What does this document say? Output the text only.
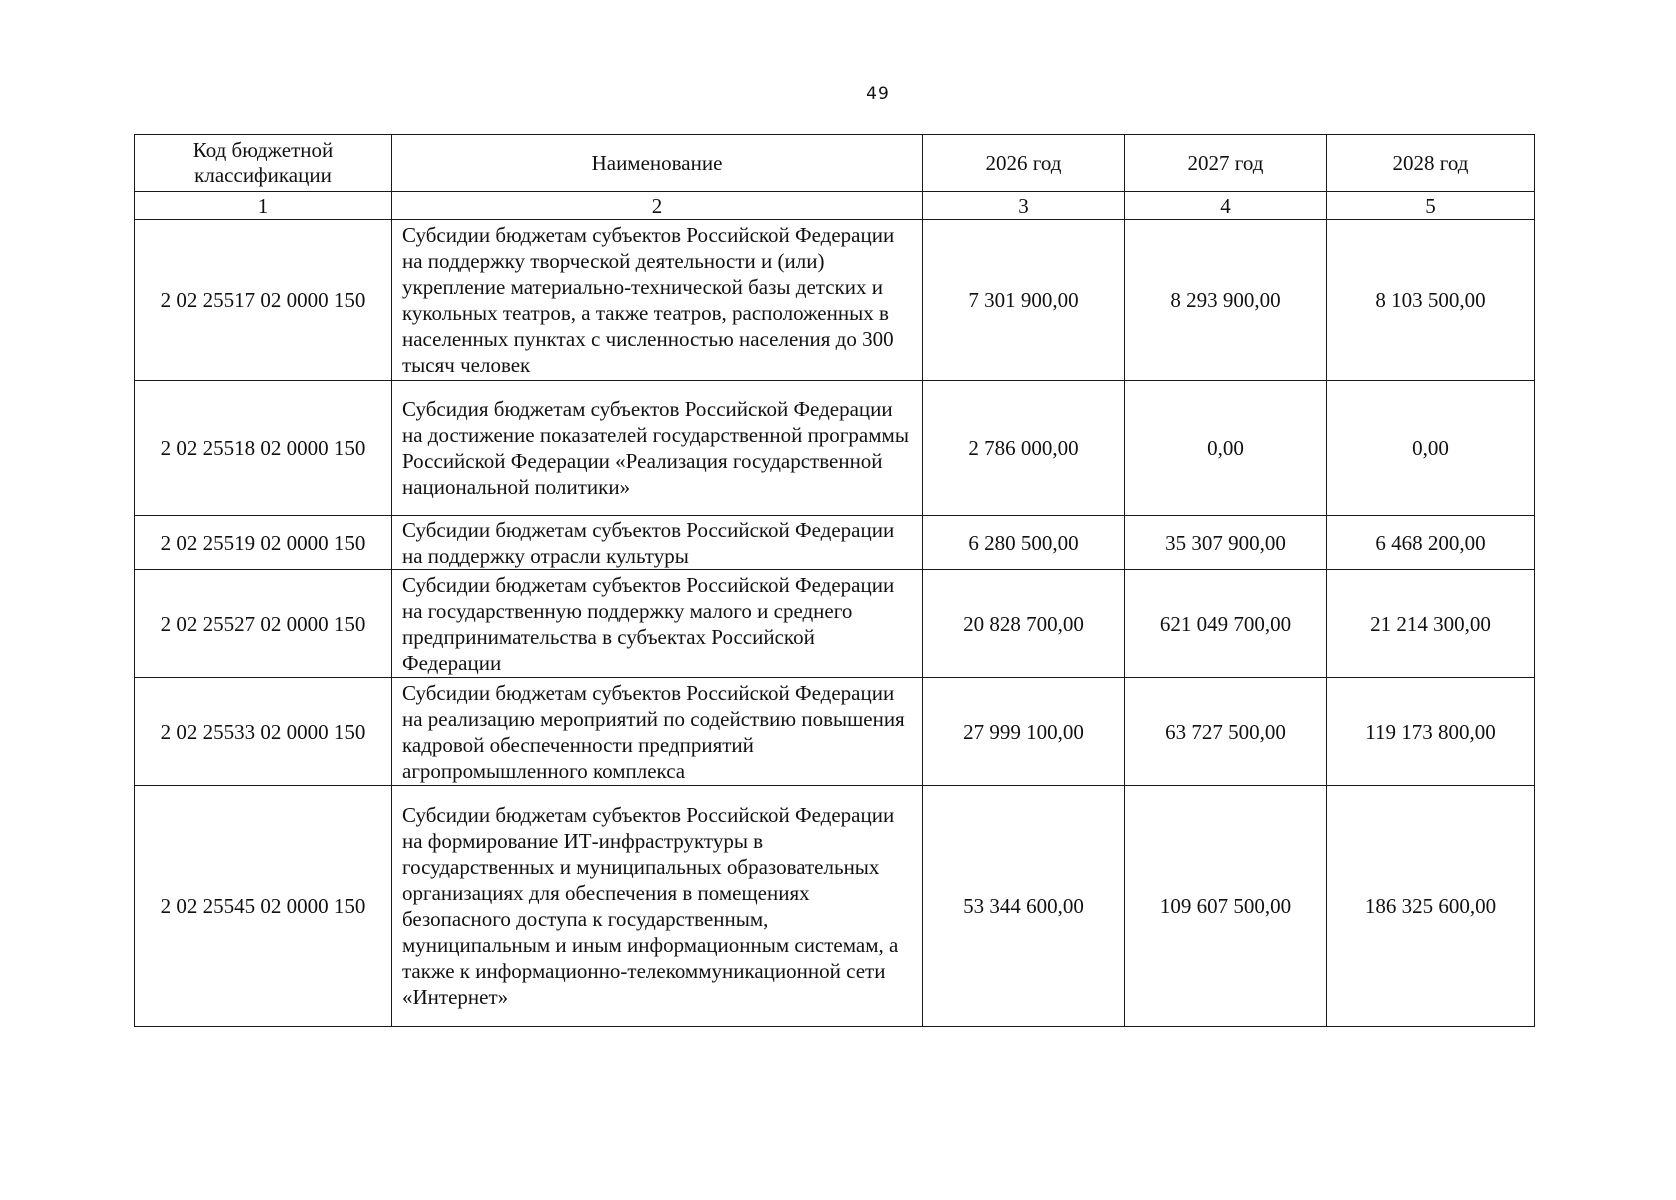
49
Код бюджетной классификации	Наименование	2026 год	2027 год	2028 год
1	2	3	4	5
2 02 25517 02 0000 150	Субсидии бюджетам субъектов Российской Федерации на поддержку творческой деятельности и (или) укрепление материально-технической базы детских и кукольных театров, а также театров, расположенных в населенных пунктах с численностью населения до 300 тысяч человек	7 301 900,00	8 293 900,00	8 103 500,00
2 02 25518 02 0000 150	Субсидия бюджетам субъектов Российской Федерации на достижение показателей государственной программы Российской Федерации «Реализация государственной национальной политики»	2 786 000,00	0,00	0,00
2 02 25519 02 0000 150	Субсидии бюджетам субъектов Российской Федерации на поддержку отрасли культуры	6 280 500,00	35 307 900,00	6 468 200,00
2 02 25527 02 0000 150	Субсидии бюджетам субъектов Российской Федерации на государственную поддержку малого и среднего предпринимательства в субъектах Российской Федерации	20 828 700,00	621 049 700,00	21 214 300,00
2 02 25533 02 0000 150	Субсидии бюджетам субъектов Российской Федерации на реализацию мероприятий по содействию повышения кадровой обеспеченности предприятий агропромышленного комплекса	27 999 100,00	63 727 500,00	119 173 800,00
2 02 25545 02 0000 150	Субсидии бюджетам субъектов Российской Федерации на формирование ИТ-инфраструктуры в государственных и муниципальных образовательных организациях для обеспечения в помещениях безопасного доступа к государственным, муниципальным и иным информационным системам, а также к информационно-телекоммуникационной сети «Интернет»	53 344 600,00	109 607 500,00	186 325 600,00
